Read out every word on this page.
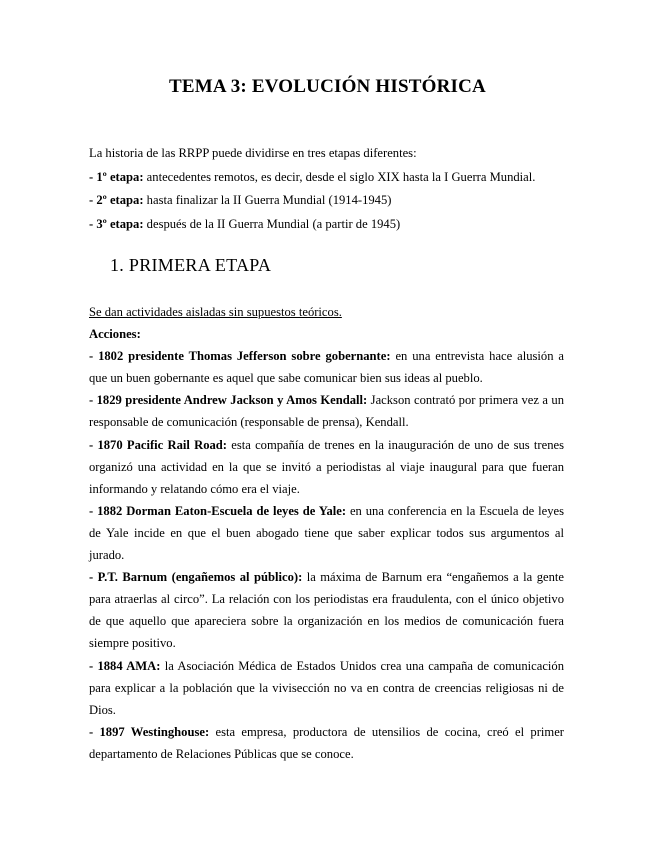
TEMA 3: EVOLUCIÓN HISTÓRICA

La historia de las RRPP puede dividirse en tres etapas diferentes:

- 1º etapa: antecedentes remotos, es decir, desde el siglo XIX hasta la I Guerra Mundial.

- 2º etapa: hasta finalizar la II Guerra Mundial (1914-1945)

- 3º etapa: después de la II Guerra Mundial (a partir de 1945)

1. PRIMERA ETAPA

Se dan actividades aisladas sin supuestos teóricos.

Acciones:

- 1802 presidente Thomas Jefferson sobre gobernante: en una entrevista hace alusión a que un buen gobernante es aquel que sabe comunicar bien sus ideas al pueblo.

- 1829 presidente Andrew Jackson y Amos Kendall: Jackson contrató por primera vez a un responsable de comunicación (responsable de prensa), Kendall.

- 1870 Pacific Rail Road: esta compañía de trenes en la inauguración de uno de sus trenes organizó una actividad en la que se invitó a periodistas al viaje inaugural para que fueran informando y relatando cómo era el viaje.

- 1882 Dorman Eaton-Escuela de leyes de Yale: en una conferencia en la Escuela de leyes de Yale incide en que el buen abogado tiene que saber explicar todos sus argumentos al jurado.

- P.T. Barnum (engañemos al público): la máxima de Barnum era “engañemos a la gente para atraerlas al circo”. La relación con los periodistas era fraudulenta, con el único objetivo de que aquello que apareciera sobre la organización en los medios de comunicación fuera siempre positivo.

- 1884 AMA: la Asociación Médica de Estados Unidos crea una campaña de comunicación para explicar a la población que la vivisección no va en contra de creencias religiosas ni de Dios.

- 1897 Westinghouse: esta empresa, productora de utensilios de cocina, creó el primer departamento de Relaciones Públicas que se conoce.
